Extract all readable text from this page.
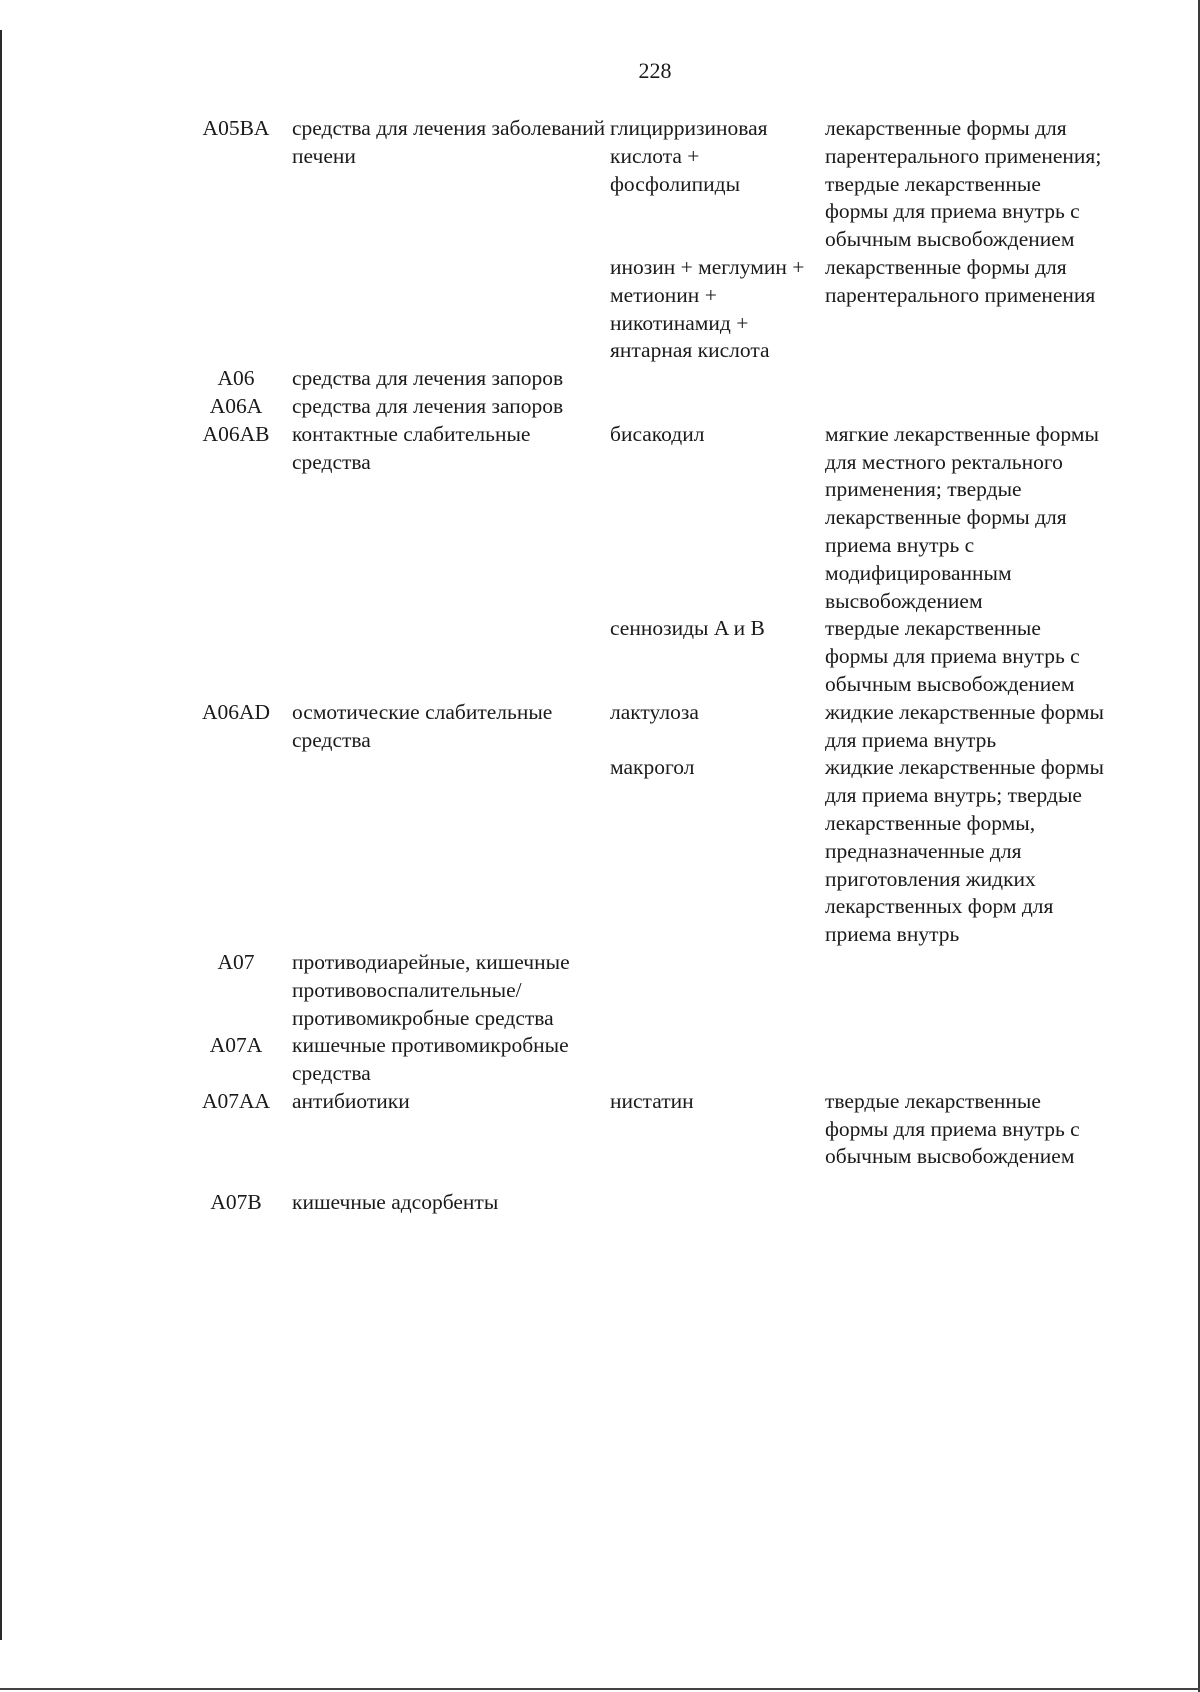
228
A05BA	средства для лечения заболеваний печени	глицирризиновая кислота + фосфолипиды	лекарственные формы для парентерального применения; твердые лекарственные формы для приема внутрь с обычным высвобождением
		инозин + меглумин + метионин + никотинамид + янтарная кислота	лекарственные формы для парентерального применения
A06	средства для лечения запоров		
A06A	средства для лечения запоров		
A06AB	контактные слабительные средства	бисакодил	мягкие лекарственные формы для местного ректального применения; твердые лекарственные формы для приема внутрь с модифицированным высвобождением
		сеннозиды A и B	твердые лекарственные формы для приема внутрь с обычным высвобождением
A06AD	осмотические слабительные средства	лактулоза	жидкие лекарственные формы для приема внутрь
		макрогол	жидкие лекарственные формы для приема внутрь; твердые лекарственные формы, предназначенные для приготовления жидких лекарственных форм для приема внутрь
A07	противодиарейные, кишечные противовоспалительные/ противомикробные средства		
A07A	кишечные противомикробные средства		
A07AA	антибиотики	нистатин	твердые лекарственные формы для приема внутрь с обычным высвобождением
A07B	кишечные адсорбенты		
